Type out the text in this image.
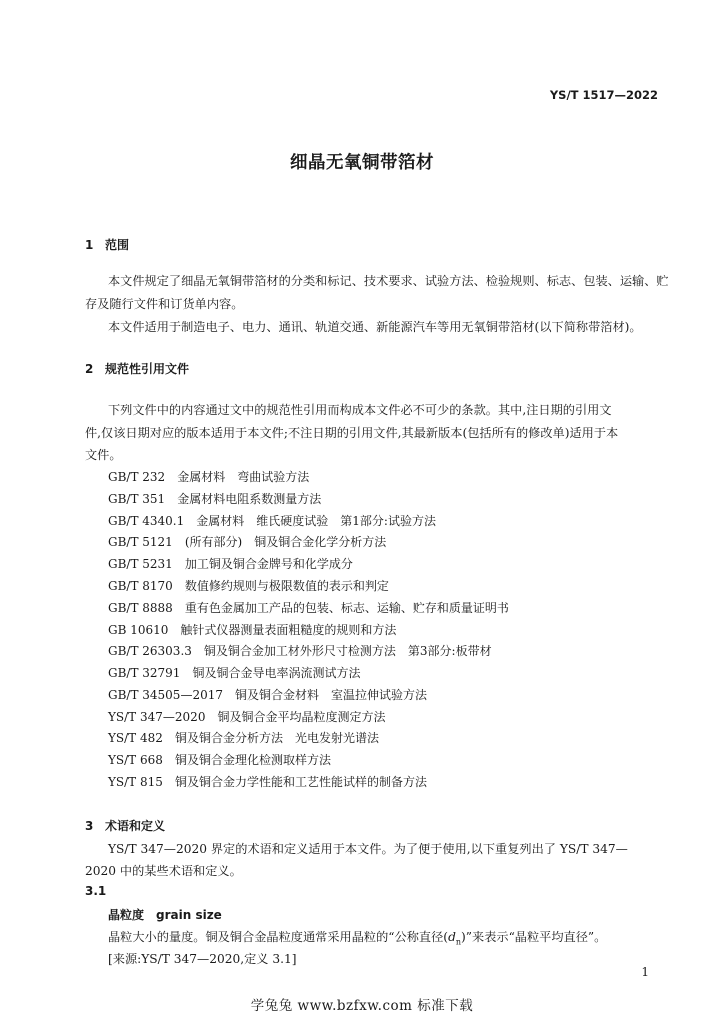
YS/T 1517—2022
细晶无氧铜带箔材
1 范围
本文件规定了细晶无氧铜带箔材的分类和标记、技术要求、试验方法、检验规则、标志、包装、运输、贮
存及随行文件和订货单内容。
本文件适用于制造电子、电力、通讯、轨道交通、新能源汽车等用无氧铜带箔材(以下简称带箔材)。
2 规范性引用文件
下列文件中的内容通过文中的规范性引用而构成本文件必不可少的条款。其中,注日期的引用文
件,仅该日期对应的版本适用于本文件;不注日期的引用文件,其最新版本(包括所有的修改单)适用于本
文件。
GB/T 232　 金属材料　弯曲试验方法
GB/T 351　 金属材料电阻系数测量方法
GB/T 4340.1　 金属材料　维氏硬度试验　第1部分:试验方法
GB/T 5121　 (所有部分)　铜及铜合金化学分析方法
GB/T 5231　 加工铜及铜合金牌号和化学成分
GB/T 8170　 数值修约规则与极限数值的表示和判定
GB/T 8888　 重有色金属加工产品的包装、标志、运输、贮存和质量证明书
GB 10610　 触针式仪器测量表面粗糙度的规则和方法
GB/T 26303.3　 铜及铜合金加工材外形尺寸检测方法　第3部分:板带材
GB/T 32791　 铜及铜合金导电率涡流测试方法
GB/T 34505—2017　 铜及铜合金材料　室温拉伸试验方法
YS/T 347—2020　 铜及铜合金平均晶粒度测定方法
YS/T 482　 铜及铜合金分析方法　光电发射光谱法
YS/T 668　 铜及铜合金理化检测取样方法
YS/T 815　 铜及铜合金力学性能和工艺性能试样的制备方法
3 术语和定义
YS/T 347—2020 界定的术语和定义适用于本文件。为了便于使用,以下重复列出了 YS/T 347—
2020 中的某些术语和定义。
3.1
晶粒度　grain size
晶粒大小的量度。铜及铜合金晶粒度通常采用晶粒的“公称直径$(d_n)$”来表示“晶粒平均直径”。
[来源:YS/T 347—2020,定义 3.1]
1
学兔兔 www.bzfxw.com 标准下载
